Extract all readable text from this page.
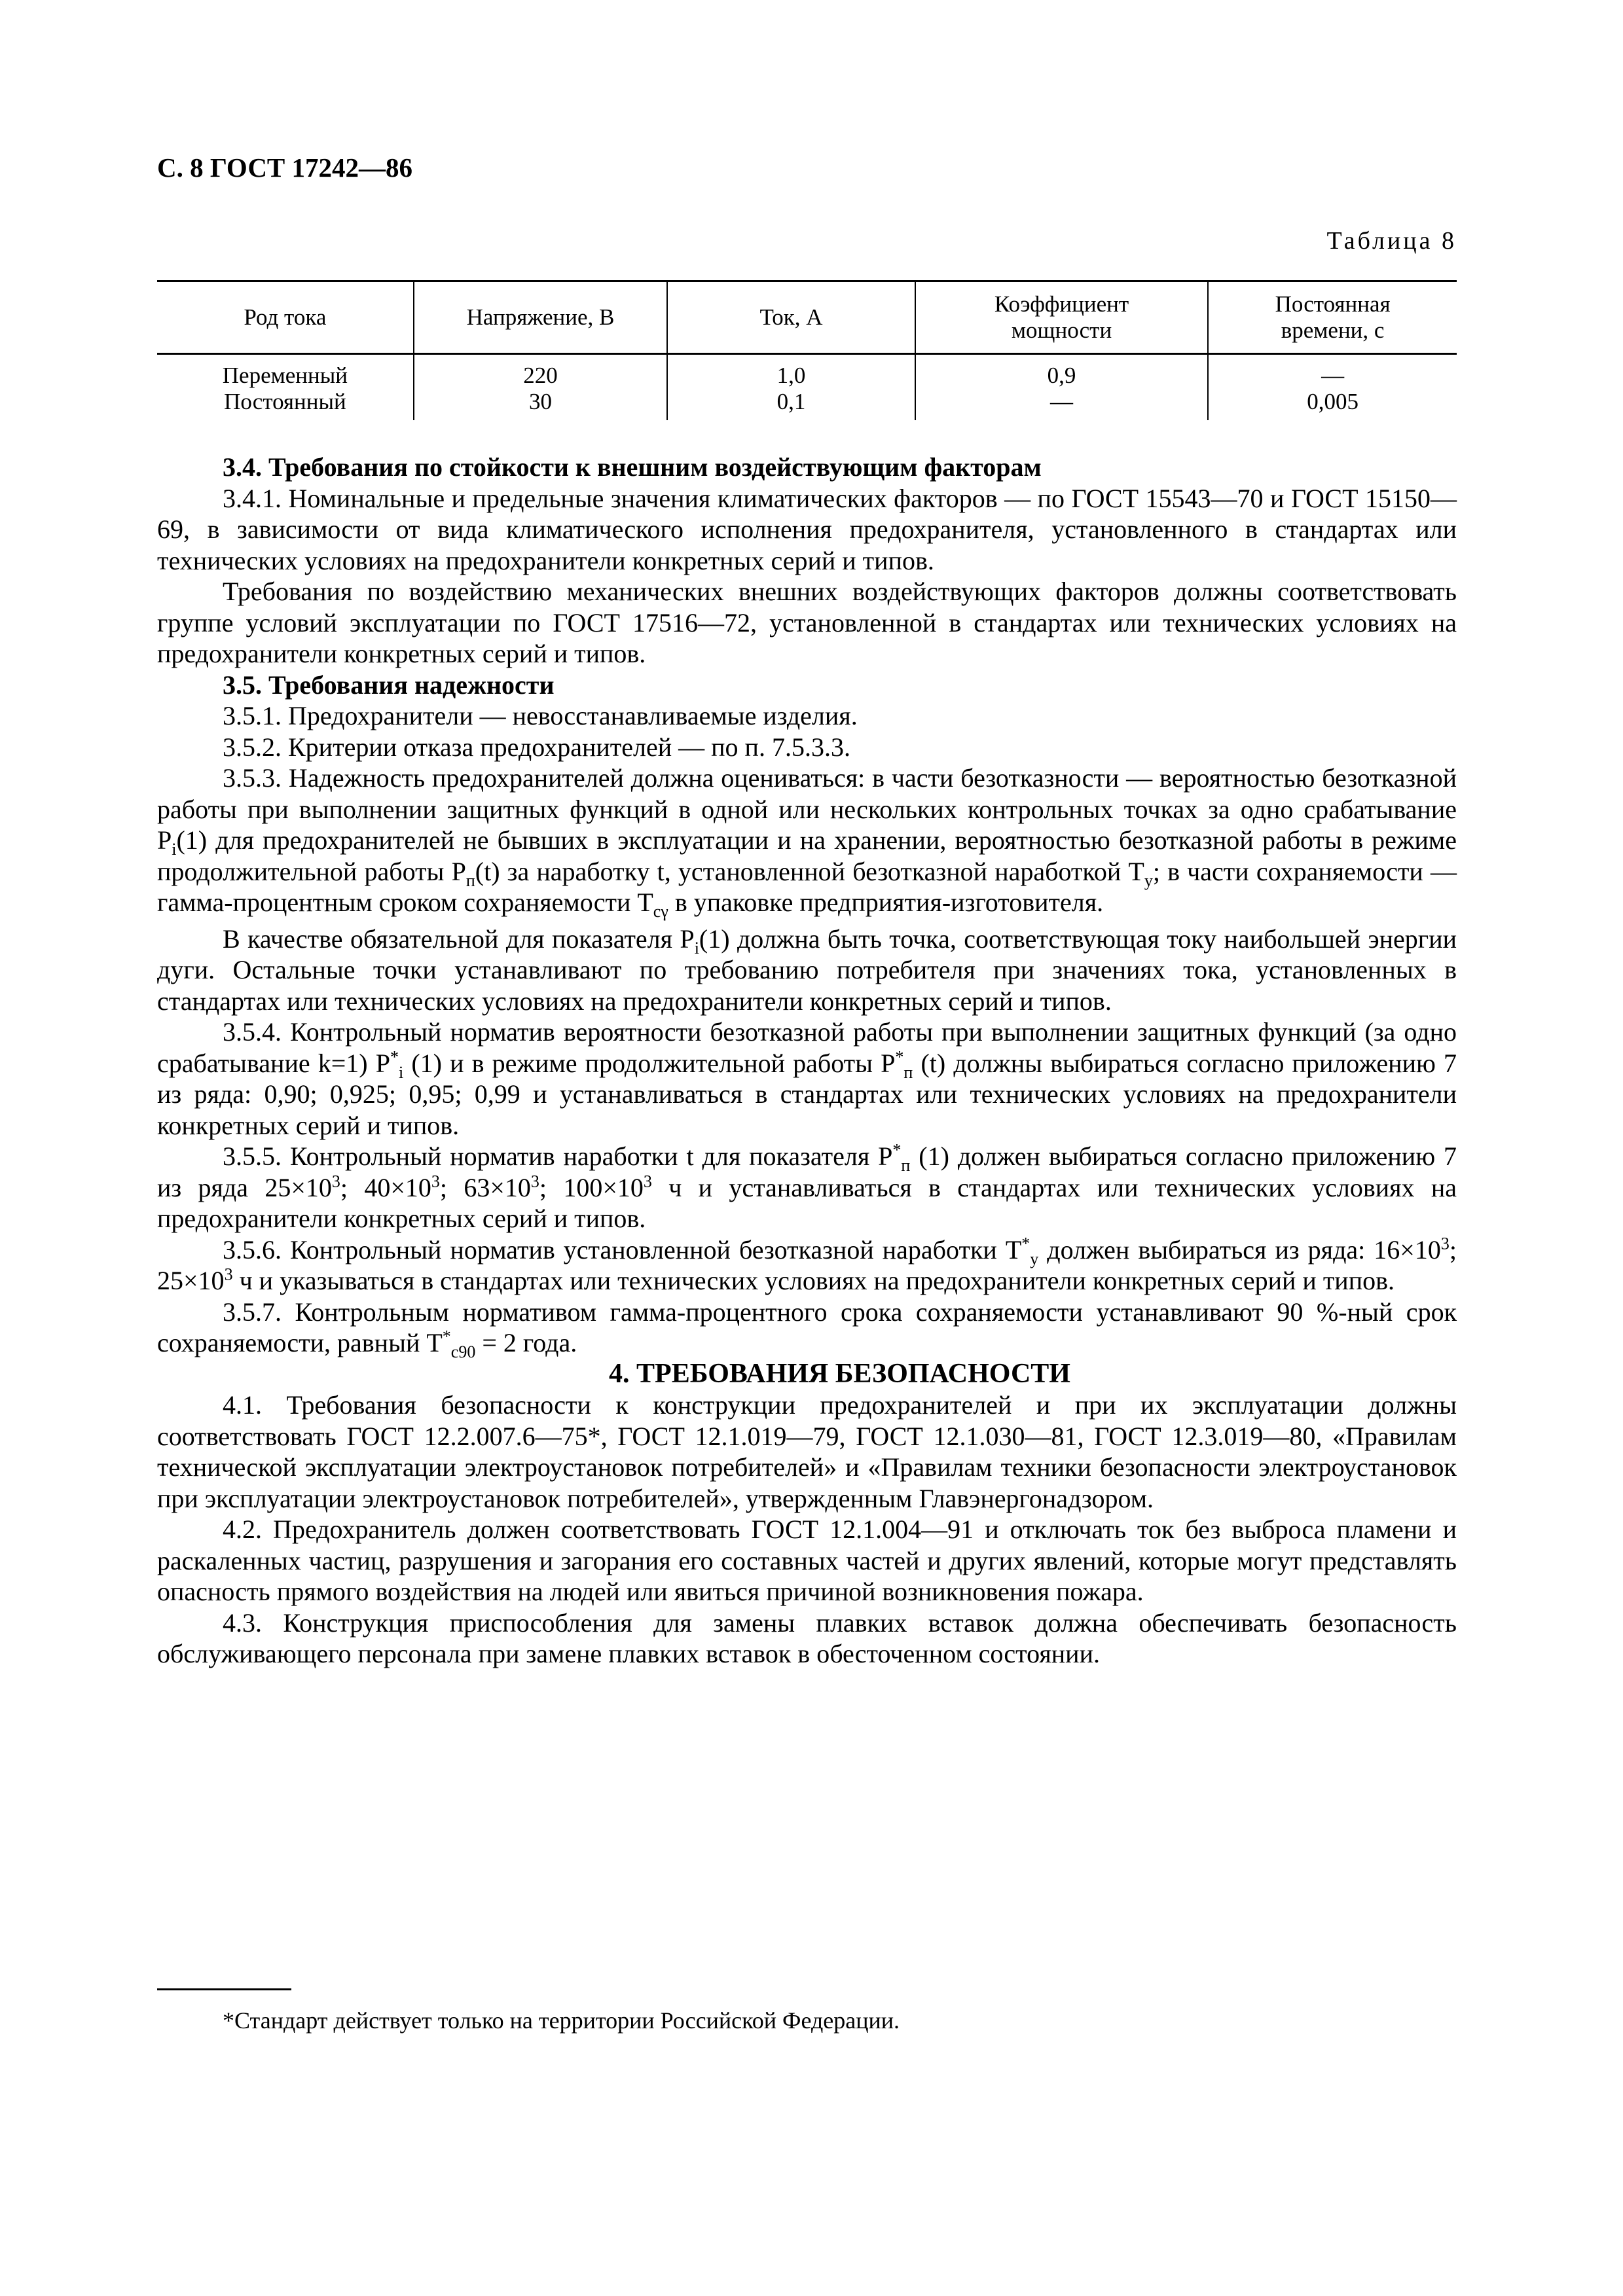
С. 8 ГОСТ 17242—86
Таблица 8
Род тока	Напряжение, В	Ток, А	Коэффициент мощности	Постоянная времени, с
Переменный	220	1,0	0,9	—
Постоянный	30	0,1	—	0,005

3.4. Требования по стойкости к внешним воздействующим факторам

3.4.1. Номинальные и предельные значения климатических факторов — по ГОСТ 15543—70 и ГОСТ 15150—69, в зависимости от вида климатического исполнения предохранителя, установленного в стандартах или технических условиях на предохранители конкретных серий и типов.

Требования по воздействию механических внешних воздействующих факторов должны соответствовать группе условий эксплуатации по ГОСТ 17516—72, установленной в стандартах или технических условиях на предохранители конкретных серий и типов.

3.5. Требования надежности

3.5.1. Предохранители — невосстанавливаемые изделия.

3.5.2. Критерии отказа предохранителей — по п. 7.5.3.3.

3.5.3. Надежность предохранителей должна оцениваться: в части безотказности — вероятностью безотказной работы при выполнении защитных функций в одной или нескольких контрольных точках за одно срабатывание $P_i(1)$ для предохранителей не бывших в эксплуатации и на хранении, вероятностью безотказной работы в режиме продолжительной работы $P_п(t)$ за наработку t, установленной безотказной наработкой $T_у$; в части сохраняемости — гамма-процентным сроком сохраняемости $T_{с\gamma}$ в упаковке предприятия-изготовителя.

В качестве обязательной для показателя $P_i(1)$ должна быть точка, соответствующая току наибольшей энергии дуги. Остальные точки устанавливают по требованию потребителя при значениях тока, установленных в стандартах или технических условиях на предохранители конкретных серий и типов.

3.5.4. Контрольный норматив вероятности безотказной работы при выполнении защитных функций (за одно срабатывание k=1) $P^*_i$ (1) и в режиме продолжительной работы $P^*_п$ (t) должны выбираться согласно приложению 7 из ряда: 0,90; 0,925; 0,95; 0,99 и устанавливаться в стандартах или технических условиях на предохранители конкретных серий и типов.

3.5.5. Контрольный норматив наработки t для показателя $P^*_п$ (1) должен выбираться согласно приложению 7 из ряда $25\times 10^3$; $40\times 10^3$; $63\times 10^3$; $100\times 10^3$ ч и устанавливаться в стандартах или технических условиях на предохранители конкретных серий и типов.

3.5.6. Контрольный норматив установленной безотказной наработки $T^*_у$ должен выбираться из ряда: $16\times 10^3$; $25\times 10^3$ ч и указываться в стандартах или технических условиях на предохранители конкретных серий и типов.

3.5.7. Контрольным нормативом гамма-процентного срока сохраняемости устанавливают 90 %-ный срок сохраняемости, равный $T^*_{с90} = 2$ года.

4. ТРЕБОВАНИЯ БЕЗОПАСНОСТИ

4.1. Требования безопасности к конструкции предохранителей и при их эксплуатации должны соответствовать ГОСТ 12.2.007.6—75*, ГОСТ 12.1.019—79, ГОСТ 12.1.030—81, ГОСТ 12.3.019—80, «Правилам технической эксплуатации электроустановок потребителей» и «Правилам техники безопасности электроустановок при эксплуатации электроустановок потребителей», утвержденным Главэнергонадзором.

4.2. Предохранитель должен соответствовать ГОСТ 12.1.004—91 и отключать ток без выброса пламени и раскаленных частиц, разрушения и загорания его составных частей и других явлений, которые могут представлять опасность прямого воздействия на людей или явиться причиной возникновения пожара.

4.3. Конструкция приспособления для замены плавких вставок должна обеспечивать безопасность обслуживающего персонала при замене плавких вставок в обесточенном состоянии.

*Стандарт действует только на территории Российской Федерации.
